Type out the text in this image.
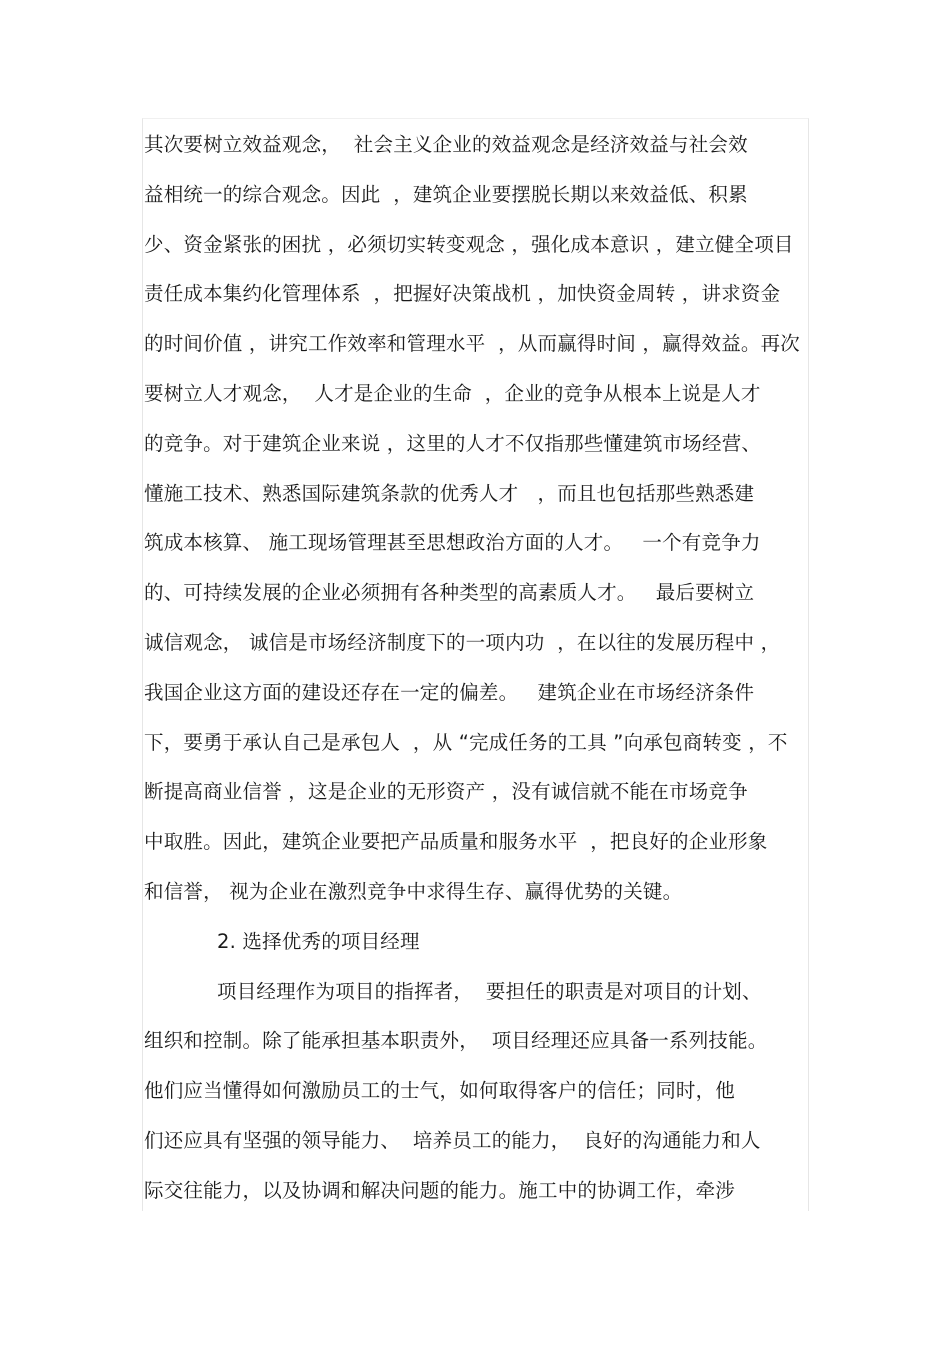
其次要树立效益观念，  社会主义企业的效益观念是经济效益与社会效
益相统一的综合观念。因此  ，建筑企业要摆脱长期以来效益低、积累
少、资金紧张的困扰 ，必须切实转变观念 ，强化成本意识 ，建立健全项目
责任成本集约化管理体系  ，把握好决策战机 ，加快资金周转 ，讲求资金
的时间价值 ，讲究工作效率和管理水平  ，从而赢得时间 ，赢得效益。再次
要树立人才观念，  人才是企业的生命  ，企业的竞争从根本上说是人才
的竞争。对于建筑企业来说 ，这里的人才不仅指那些懂建筑市场经营、
懂施工技术、熟悉国际建筑条款的优秀人才   ，而且也包括那些熟悉建
筑成本核算、 施工现场管理甚至思想政治方面的人才。   一个有竞争力
的、可持续发展的企业必须拥有各种类型的高素质人才。   最后要树立
诚信观念， 诚信是市场经济制度下的一项内功  ，在以往的发展历程中 ，
我国企业这方面的建设还存在一定的偏差。   建筑企业在市场经济条件
下，要勇于承认自己是承包人  ，从 “完成任务的工具 ”向承包商转变 ，不
断提高商业信誉 ，这是企业的无形资产 ，没有诚信就不能在市场竞争
中取胜。因此，建筑企业要把产品质量和服务水平  ，把良好的企业形象
和信誉， 视为企业在激烈竞争中求得生存、赢得优势的关键。
2. 选择优秀的项目经理
项目经理作为项目的指挥者，  要担任的职责是对项目的计划、
组织和控制。除了能承担基本职责外，  项目经理还应具备一系列技能。
他们应当懂得如何激励员工的士气，如何取得客户的信任；同时，他
们还应具有坚强的领导能力、  培养员工的能力，  良好的沟通能力和人
际交往能力，以及协调和解决问题的能力。施工中的协调工作，牵涉
